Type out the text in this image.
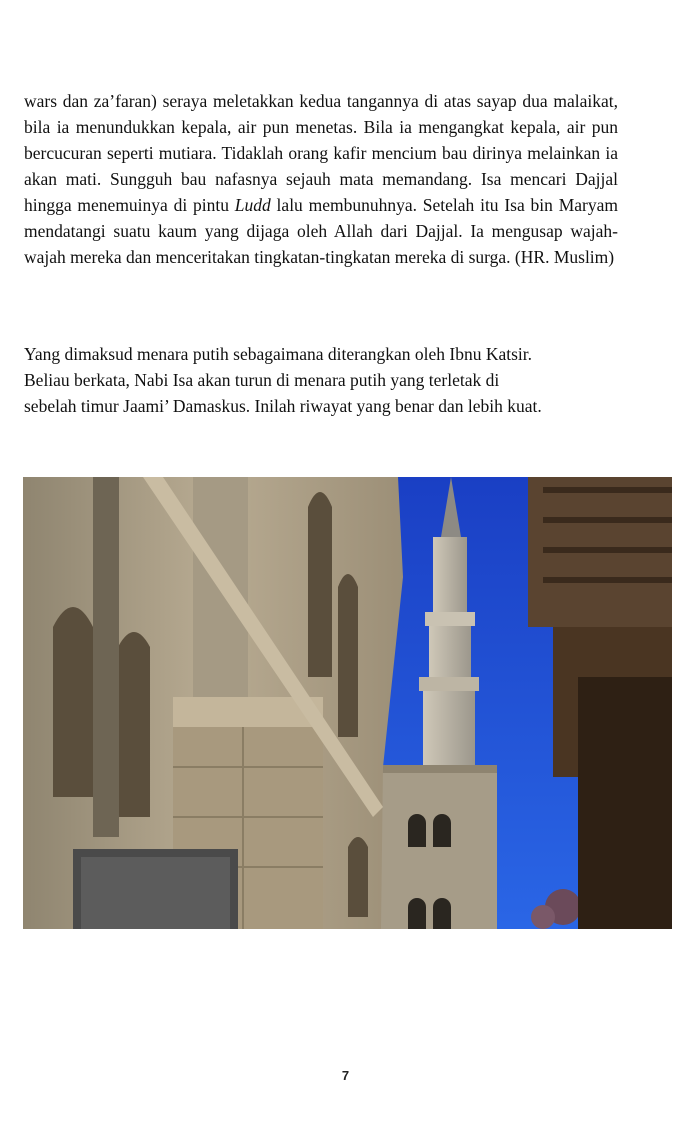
wars dan za’faran) seraya meletakkan kedua tangannya di atas sayap dua malaikat, bila ia menundukkan kepala, air pun menetas. Bila ia mengangkat kepala, air pun bercucuran seperti mutiara. Tidaklah orang kafir mencium bau dirinya melainkan ia akan mati. Sungguh bau nafasnya sejauh mata memandang. Isa mencari Dajjal hingga menemuinya di pintu Ludd lalu membunuhnya. Setelah itu Isa bin Maryam mendatangi suatu kaum yang dijaga oleh Allah dari Dajjal. Ia mengusap wajah-wajah mereka dan menceritakan tingkatan-tingkatan mereka di surga. (HR. Muslim)

Yang dimaksud menara putih sebagaimana diterangkan oleh Ibnu Katsir.
Beliau berkata, Nabi Isa akan turun di menara putih yang terletak di
sebelah timur Jaami’ Damaskus. Inilah riwayat yang benar dan lebih kuat.

7
